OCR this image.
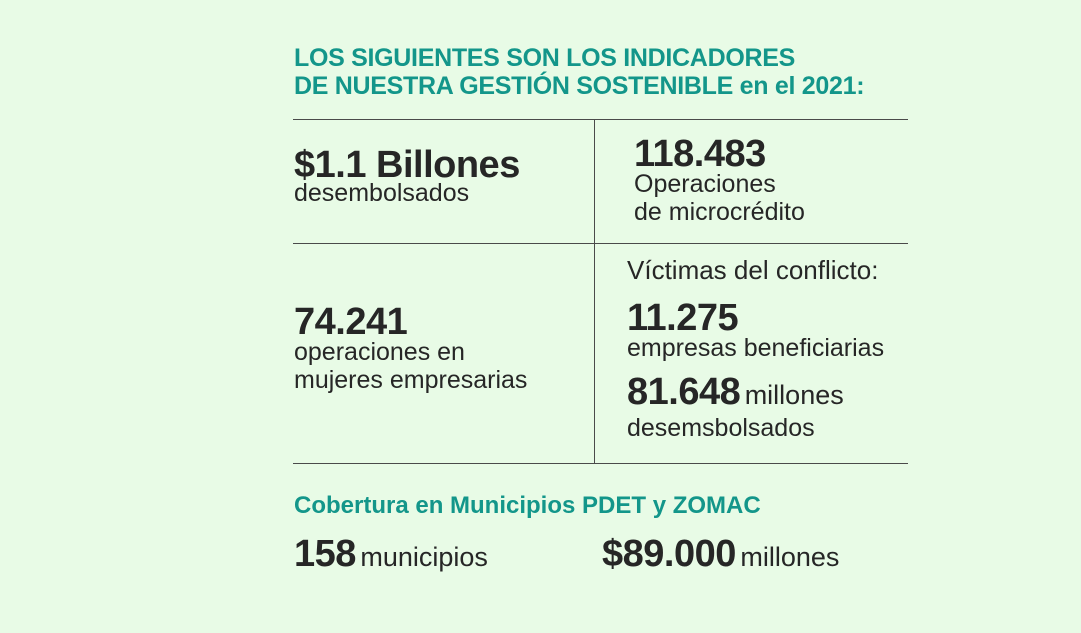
LOS SIGUIENTES SON LOS INDICADORES
DE NUESTRA GESTIÓN SOSTENIBLE en el 2021:
$1.1 Billones
desembolsados
118.483
Operaciones
de microcrédito
74.241
operaciones en
mujeres empresarias
Víctimas del conflicto:
11.275
empresas beneficiarias
81.648 millones
desemsbolsados
Cobertura en Municipios PDET y ZOMAC
158 municipios	$89.000 millones
